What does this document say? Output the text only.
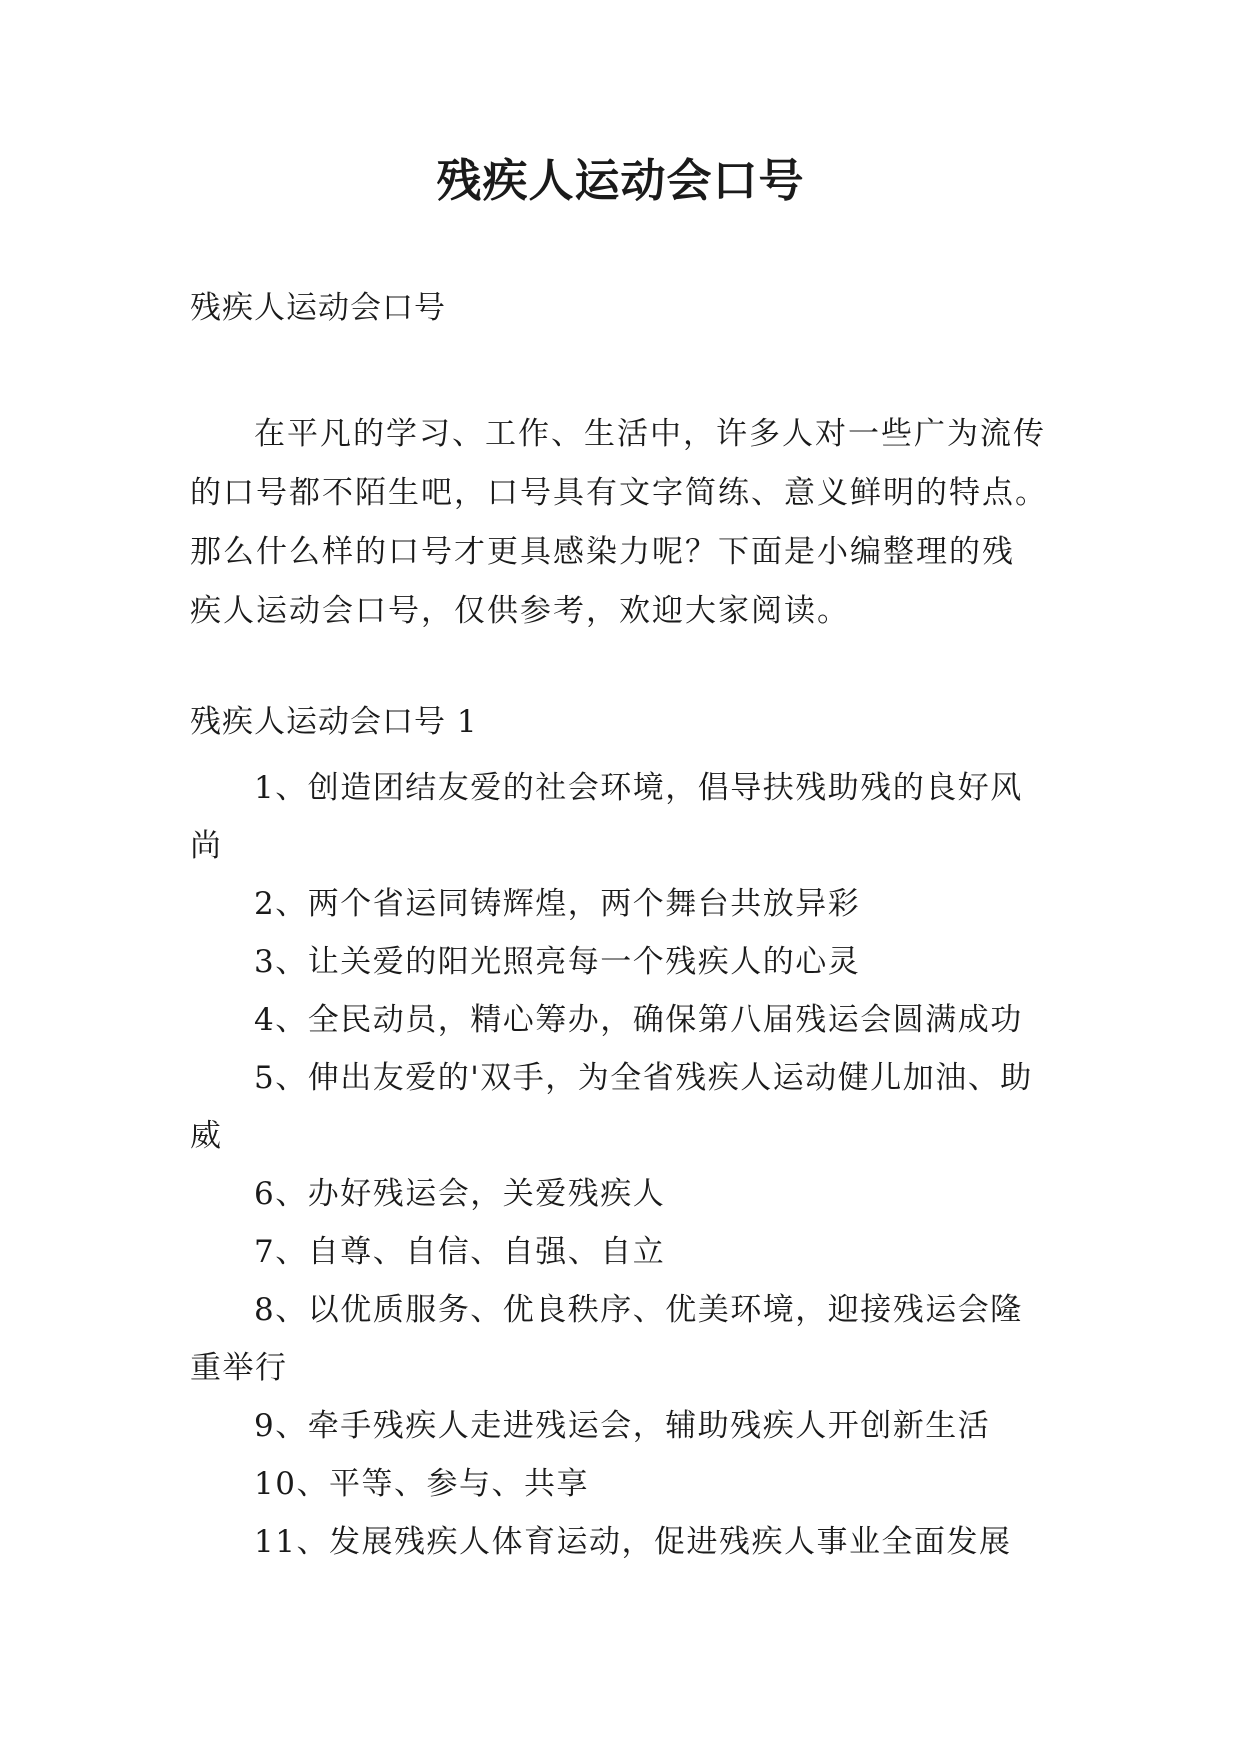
残疾人运动会口号

残疾人运动会口号

在平凡的学习、工作、生活中，许多人对一些广为流传
的口号都不陌生吧，口号具有文字简练、意义鲜明的特点。
那么什么样的口号才更具感染力呢？下面是小编整理的残
疾人运动会口号，仅供参考，欢迎大家阅读。

残疾人运动会口号 1

1、创造团结友爱的社会环境，倡导扶残助残的良好风
尚
2、两个省运同铸辉煌，两个舞台共放异彩
3、让关爱的阳光照亮每一个残疾人的心灵
4、全民动员，精心筹办，确保第八届残运会圆满成功
5、伸出友爱的'双手，为全省残疾人运动健儿加油、助
威
6、办好残运会，关爱残疾人
7、自尊、自信、自强、自立
8、以优质服务、优良秩序、优美环境，迎接残运会隆
重举行
9、牵手残疾人走进残运会，辅助残疾人开创新生活
10、平等、参与、共享
11、发展残疾人体育运动，促进残疾人事业全面发展
